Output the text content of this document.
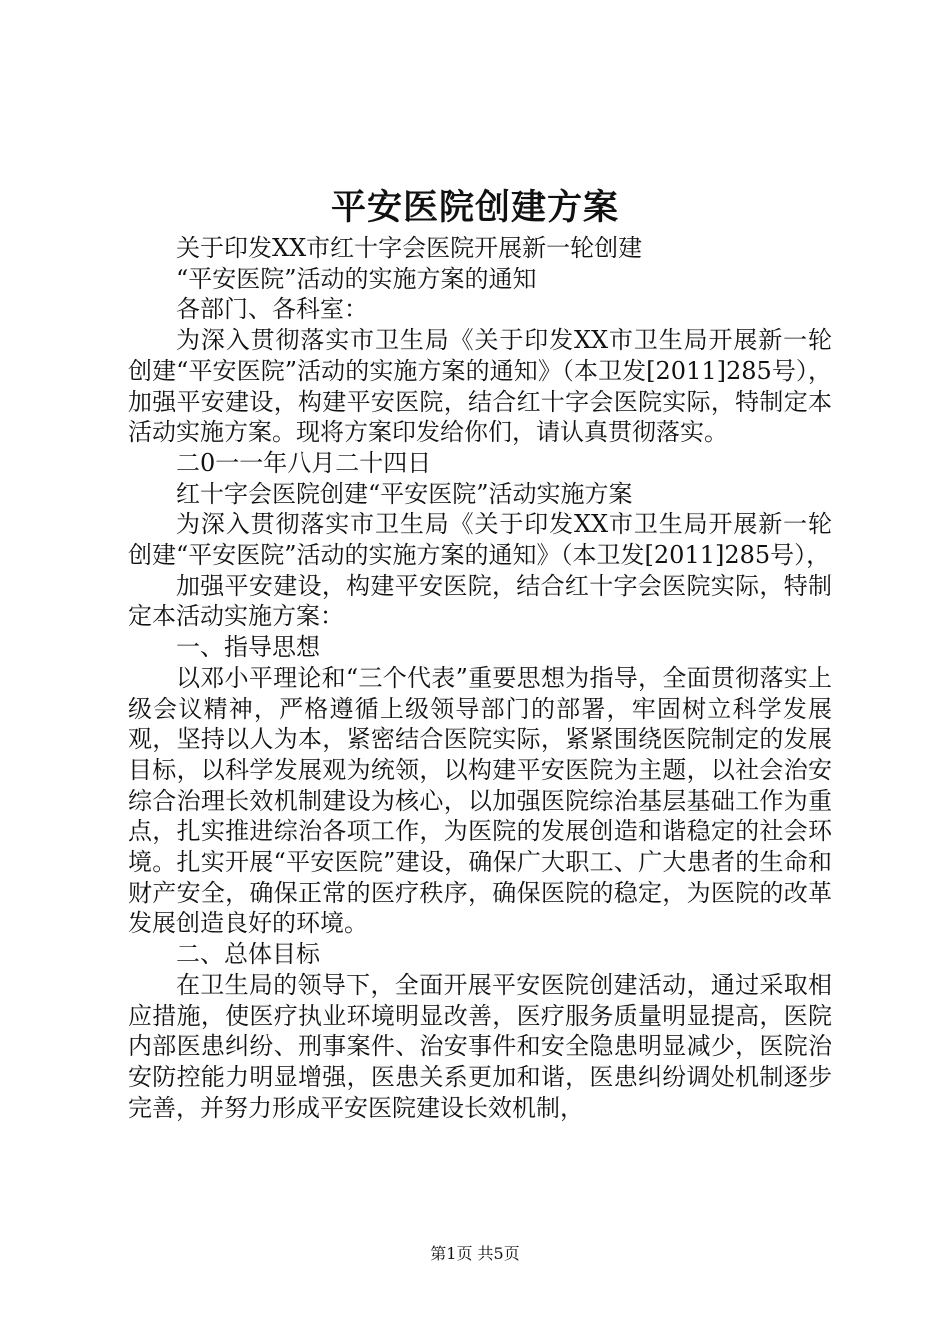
平安医院创建方案

关于印发XX市红十字会医院开展新一轮创建

“平安医院”活动的实施方案的通知

各部门、各科室：

为深入贯彻落实市卫生局《关于印发XX市卫生局开展新一轮创建“平安医院”活动的实施方案的通知》（本卫发[2011]285号），加强平安建设，构建平安医院，结合红十字会医院实际，特制定本活动实施方案。现将方案印发给你们，请认真贯彻落实。

二0一一年八月二十四日

红十字会医院创建“平安医院”活动实施方案

为深入贯彻落实市卫生局《关于印发XX市卫生局开展新一轮创建“平安医院”活动的实施方案的通知》（本卫发[2011]285号），

加强平安建设，构建平安医院，结合红十字会医院实际，特制定本活动实施方案：

一、指导思想

以邓小平理论和“三个代表”重要思想为指导，全面贯彻落实上级会议精神，严格遵循上级领导部门的部署，牢固树立科学发展观，坚持以人为本，紧密结合医院实际，紧紧围绕医院制定的发展目标，以科学发展观为统领，以构建平安医院为主题，以社会治安综合治理长效机制建设为核心，以加强医院综治基层基础工作为重点，扎实推进综治各项工作，为医院的发展创造和谐稳定的社会环境。扎实开展“平安医院”建设，确保广大职工、广大患者的生命和财产安全，确保正常的医疗秩序，确保医院的稳定，为医院的改革发展创造良好的环境。

二、总体目标

在卫生局的领导下，全面开展平安医院创建活动，通过采取相应措施，使医疗执业环境明显改善，医疗服务质量明显提高，医院内部医患纠纷、刑事案件、治安事件和安全隐患明显减少，医院治安防控能力明显增强，医患关系更加和谐，医患纠纷调处机制逐步完善，并努力形成平安医院建设长效机制，

第1页 共5页
